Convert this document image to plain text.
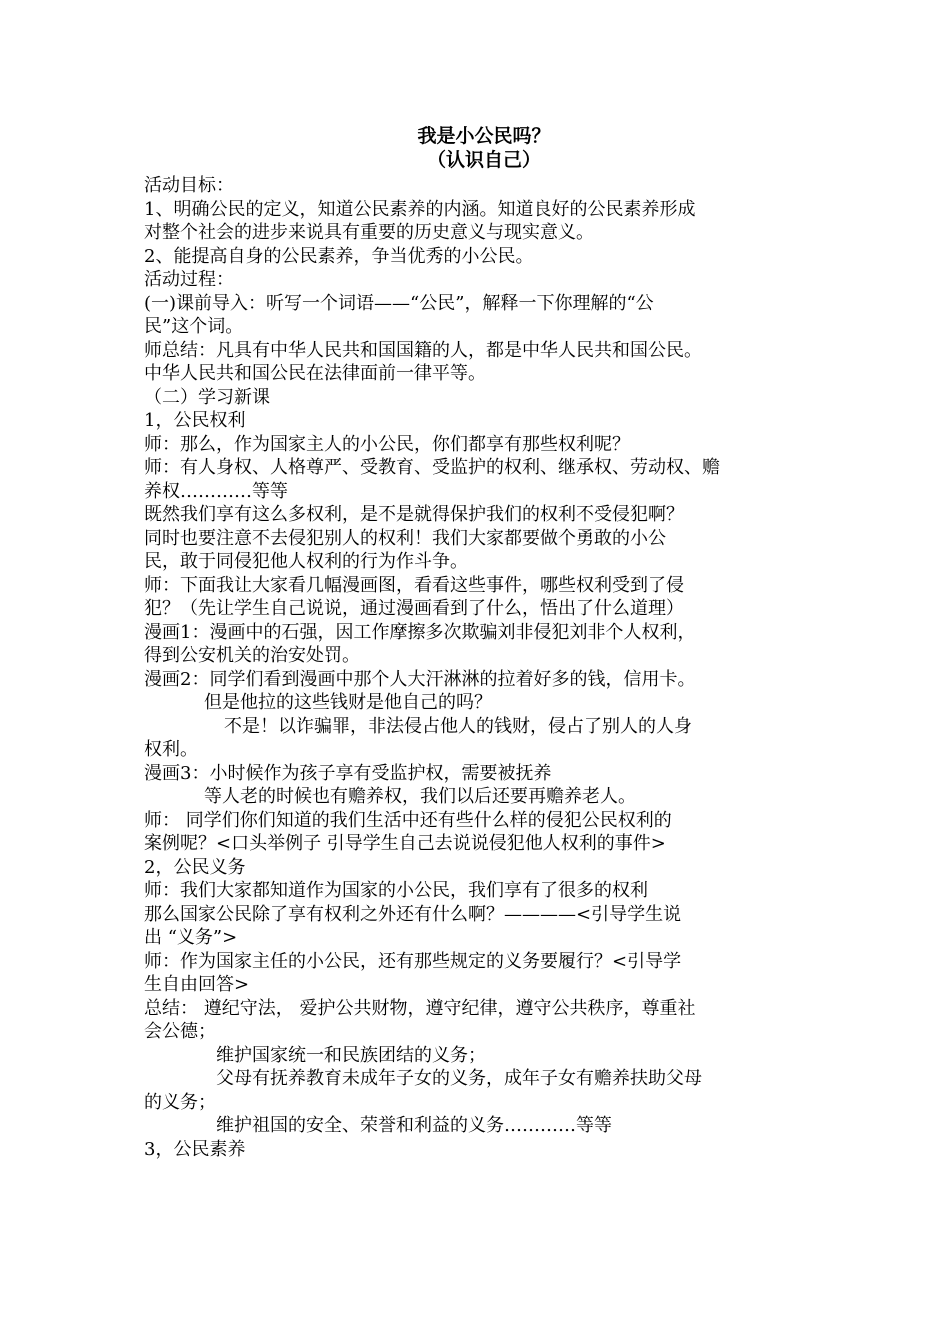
我是小公民吗？
（认识自己）

活动目标：

1、明确公民的定义，知道公民素养的内涵。知道良好的公民素养形成

对整个社会的进步来说具有重要的历史意义与现实意义。

2、能提高自身的公民素养，争当优秀的小公民。

活动过程：

(一)课前导入：听写一个词语——“公民”，解释一下你理解的“公

民”这个词。

师总结：凡具有中华人民共和国国籍的人，都是中华人民共和国公民。

中华人民共和国公民在法律面前一律平等。

（二）学习新课

1，公民权利

师：那么，作为国家主人的小公民，你们都享有那些权利呢？

师：有人身权、人格尊严、受教育、受监护的权利、继承权、劳动权、赡

养权…………等等

既然我们享有这么多权利，是不是就得保护我们的权利不受侵犯啊？

同时也要注意不去侵犯别人的权利！我们大家都要做个勇敢的小公

民，敢于同侵犯他人权利的行为作斗争。

师：下面我让大家看几幅漫画图，看看这些事件，哪些权利受到了侵

犯？（先让学生自己说说，通过漫画看到了什么，悟出了什么道理）

漫画1：漫画中的石强，因工作摩擦多次欺骗刘非侵犯刘非个人权利，

得到公安机关的治安处罚。

漫画2：同学们看到漫画中那个人大汗淋淋的拉着好多的钱，信用卡。

但是他拉的这些钱财是他自己的吗？

不是！以诈骗罪，非法侵占他人的钱财，侵占了别人的人身

权利。

漫画3：小时候作为孩子享有受监护权，需要被抚养

等人老的时候也有赡养权，我们以后还要再赡养老人。

师： 同学们你们知道的我们生活中还有些什么样的侵犯公民权利的

案例呢？<口头举例子 引导学生自己去说说侵犯他人权利的事件>

2，公民义务

师：我们大家都知道作为国家的小公民，我们享有了很多的权利

那么国家公民除了享有权利之外还有什么啊？————<引导学生说

出 “义务”>

师：作为国家主任的小公民，还有那些规定的义务要履行？<引导学

生自由回答>

总结： 遵纪守法， 爱护公共财物，遵守纪律，遵守公共秩序，尊重社

会公德；

维护国家统一和民族团结的义务；

父母有抚养教育未成年子女的义务，成年子女有赡养扶助父母

的义务；

维护祖国的安全、荣誉和利益的义务…………等等

3，公民素养
